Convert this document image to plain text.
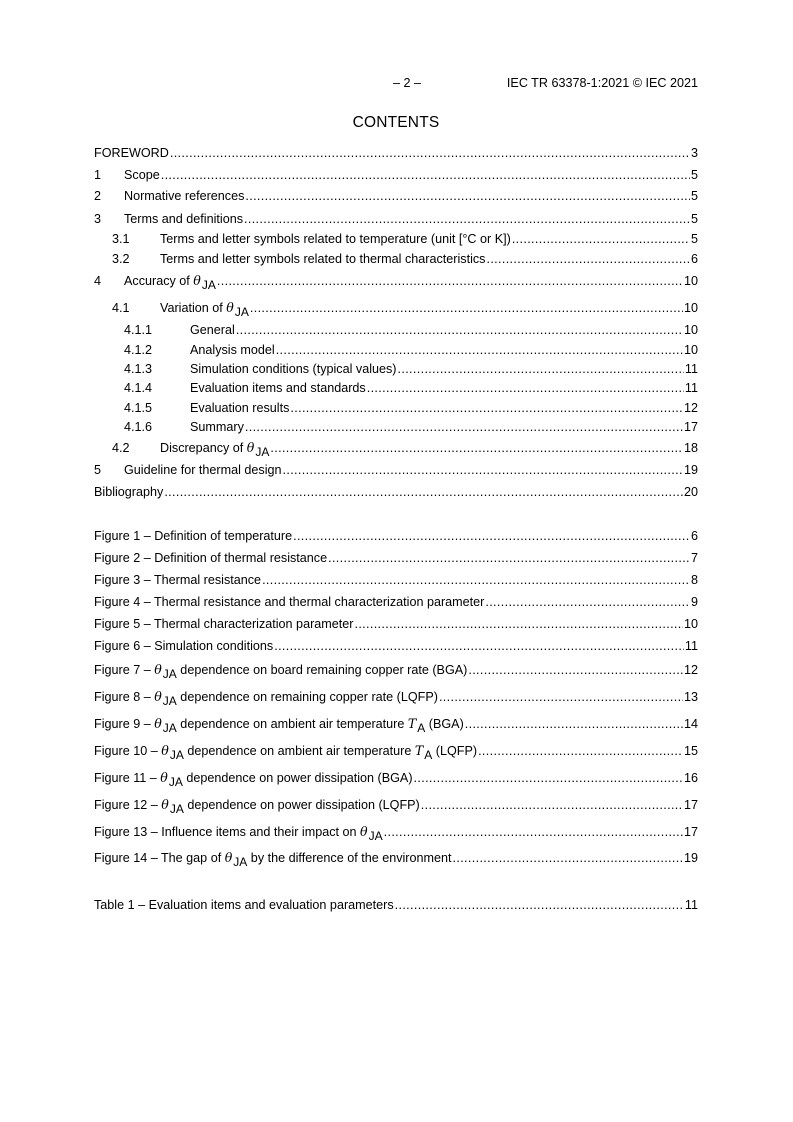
– 2 –	IEC TR 63378-1:2021 © IEC 2021
CONTENTS
FOREWORD .....	3
1	Scope .....	5
2	Normative references .....	5
3	Terms and definitions .....	5
3.1	Terms and letter symbols related to temperature (unit [°C or K]) .....	5
3.2	Terms and letter symbols related to thermal characteristics .....	6
4	Accuracy of θJA .....	10
4.1	Variation of θJA .....	10
4.1.1	General .....	10
4.1.2	Analysis model .....	10
4.1.3	Simulation conditions (typical values) .....	11
4.1.4	Evaluation items and standards .....	11
4.1.5	Evaluation results .....	12
4.1.6	Summary .....	17
4.2	Discrepancy of θJA .....	18
5	Guideline for thermal design .....	19
Bibliography .....	20
Figure 1 – Definition of temperature .....	6
Figure 2 – Definition of thermal resistance .....	7
Figure 3 – Thermal resistance .....	8
Figure 4 – Thermal resistance and thermal characterization parameter .....	9
Figure 5 – Thermal characterization parameter .....	10
Figure 6 – Simulation conditions .....	11
Figure 7 – θJA dependence on board remaining copper rate (BGA) .....	12
Figure 8 – θJA dependence on remaining copper rate (LQFP) .....	13
Figure 9 – θJA dependence on ambient air temperature TA (BGA) .....	14
Figure 10 – θJA dependence on ambient air temperature TA (LQFP) .....	15
Figure 11 – θJA dependence on power dissipation (BGA) .....	16
Figure 12 – θJA dependence on power dissipation (LQFP) .....	17
Figure 13 – Influence items and their impact on θJA .....	17
Figure 14 – The gap of θJA by the difference of the environment .....	19
Table 1 – Evaluation items and evaluation parameters .....	11
